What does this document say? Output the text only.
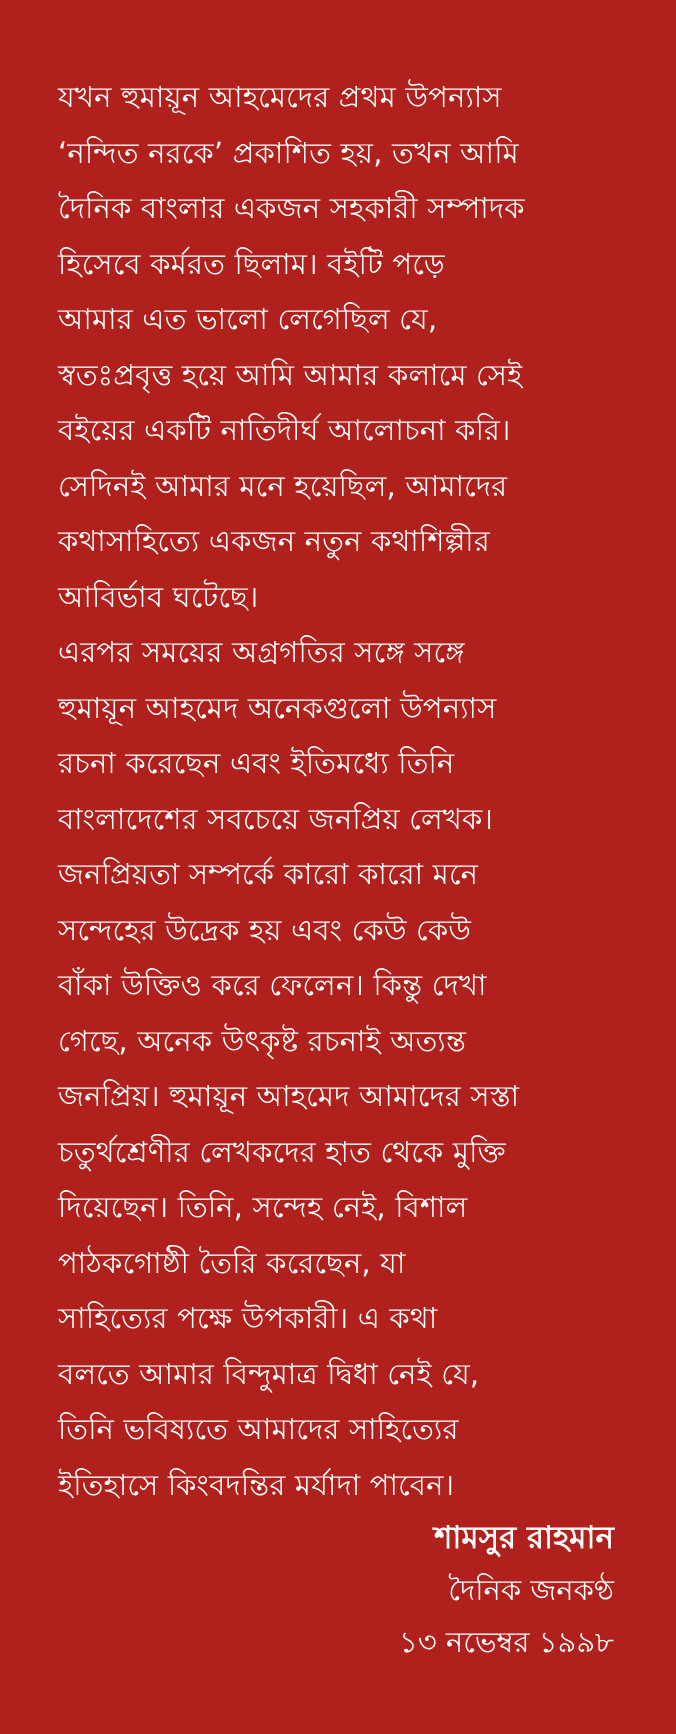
যখন হুমায়ূন আহমেদের প্রথম উপন্যাস
‘নন্দিত নরকে’ প্রকাশিত হয়, তখন আমি
দৈনিক বাংলার একজন সহকারী সম্পাদক
হিসেবে কর্মরত ছিলাম। বইটি পড়ে
আমার এত ভালো লেগেছিল যে,
স্বতঃপ্রবৃত্ত হয়ে আমি আমার কলামে সেই
বইয়ের একটি নাতিদীর্ঘ আলোচনা করি।
সেদিনই আমার মনে হয়েছিল, আমাদের
কথাসাহিত্যে একজন নতুন কথাশিল্পীর
আবির্ভাব ঘটেছে।
এরপর সময়ের অগ্রগতির সঙ্গে সঙ্গে
হুমায়ূন আহমেদ অনেকগুলো উপন্যাস
রচনা করেছেন এবং ইতিমধ্যে তিনি
বাংলাদেশের সবচেয়ে জনপ্রিয় লেখক।
জনপ্রিয়তা সম্পর্কে কারো কারো মনে
সন্দেহের উদ্রেক হয় এবং কেউ কেউ
বাঁকা উক্তিও করে ফেলেন। কিন্তু দেখা
গেছে, অনেক উৎকৃষ্ট রচনাই অত্যন্ত
জনপ্রিয়। হুমায়ূন আহমেদ আমাদের সস্তা
চতুর্থশ্রেণীর লেখকদের হাত থেকে মুক্তি
দিয়েছেন। তিনি, সন্দেহ নেই, বিশাল
পাঠকগোষ্ঠী তৈরি করেছেন, যা
সাহিত্যের পক্ষে উপকারী। এ কথা
বলতে আমার বিন্দুমাত্র দ্বিধা নেই যে,
তিনি ভবিষ্যতে আমাদের সাহিত্যের
ইতিহাসে কিংবদন্তির মর্যাদা পাবেন।
শামসুর রাহমান
দৈনিক জনকণ্ঠ
১৩ নভেম্বর ১৯৯৮
